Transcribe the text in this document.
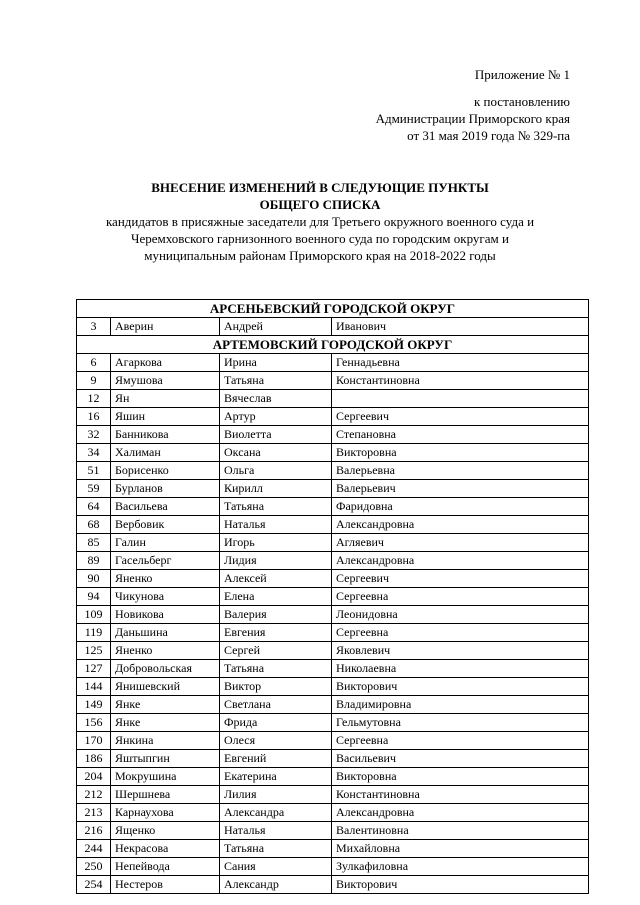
Приложение № 1
к постановлению
Администрации Приморского края
от 31 мая 2019 года № 329-па
ВНЕСЕНИЕ ИЗМЕНЕНИЙ В СЛЕДУЮЩИЕ ПУНКТЫ
ОБЩЕГО СПИСКА
кандидатов в присяжные заседатели для Третьего окружного военного суда и
Черемховского гарнизонного военного суда по городским округам и
муниципальным районам Приморского края на 2018-2022 годы
АРСЕНЬЕВСКИЙ ГОРОДСКОЙ ОКРУГ			
3	Аверин	Андрей	Иванович
АРТЕМОВСКИЙ ГОРОДСКОЙ ОКРУГ			
6	Агаркова	Ирина	Геннадьевна
9	Ямушова	Татьяна	Константиновна
12	Ян	Вячеслав	
16	Яшин	Артур	Сергеевич
32	Банникова	Виолетта	Степановна
34	Халиман	Оксана	Викторовна
51	Борисенко	Ольга	Валерьевна
59	Бурланов	Кирилл	Валерьевич
64	Васильева	Татьяна	Фаридовна
68	Вербовик	Наталья	Александровна
85	Галин	Игорь	Агляевич
89	Гасельберг	Лидия	Александровна
90	Яненко	Алексей	Сергеевич
94	Чикунова	Елена	Сергеевна
109	Новикова	Валерия	Леонидовна
119	Даньшина	Евгения	Сергеевна
125	Яненко	Сергей	Яковлевич
127	Добровольская	Татьяна	Николаевна
144	Янишевский	Виктор	Викторович
149	Янке	Светлана	Владимировна
156	Янке	Фрида	Гельмутовна
170	Янкина	Олеся	Сергеевна
186	Яштыпгин	Евгений	Васильевич
204	Мокрушина	Екатерина	Викторовна
212	Шершнева	Лилия	Константиновна
213	Карнаухова	Александра	Александровна
216	Ященко	Наталья	Валентиновна
244	Некрасова	Татьяна	Михайловна
250	Непейвода	Сания	Зулкафиловна
254	Нестеров	Александр	Викторович
